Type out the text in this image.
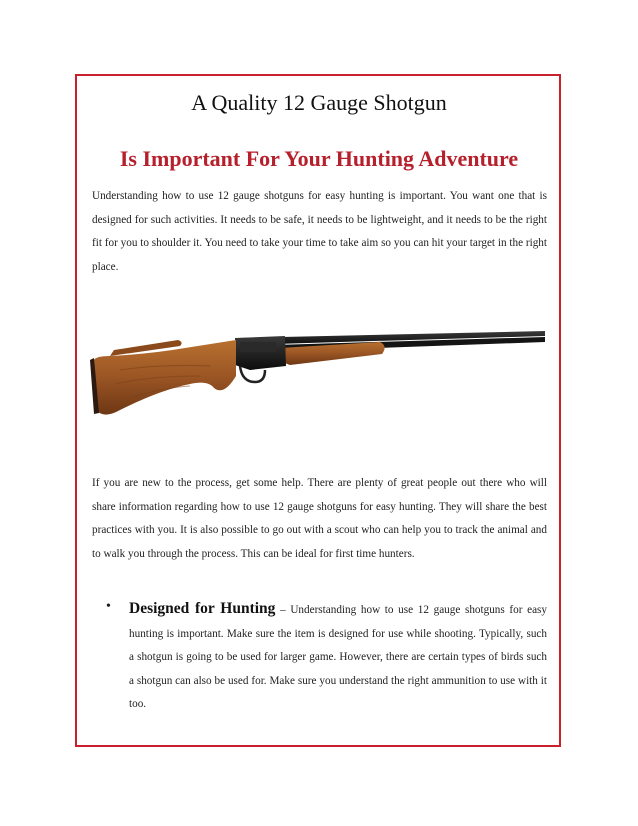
A Quality 12 Gauge Shotgun
Is Important For Your Hunting Adventure
Understanding how to use 12 gauge shotguns for easy hunting is important. You want one that is designed for such activities. It needs to be safe, it needs to be lightweight, and it needs to be the right fit for you to shoulder it. You need to take your time to take aim so you can hit your target in the right place.
If you are new to the process, get some help. There are plenty of great people out there who will share information regarding how to use 12 gauge shotguns for easy hunting. They will share the best practices with you. It is also possible to go out with a scout who can help you to track the animal and to walk you through the process. This can be ideal for first time hunters.
• Designed for Hunting – Understanding how to use 12 gauge shotguns for easy hunting is important. Make sure the item is designed for use while shooting. Typically, such a shotgun is going to be used for larger game. However, there are certain types of birds such a shotgun can also be used for. Make sure you understand the right ammunition to use with it too.
